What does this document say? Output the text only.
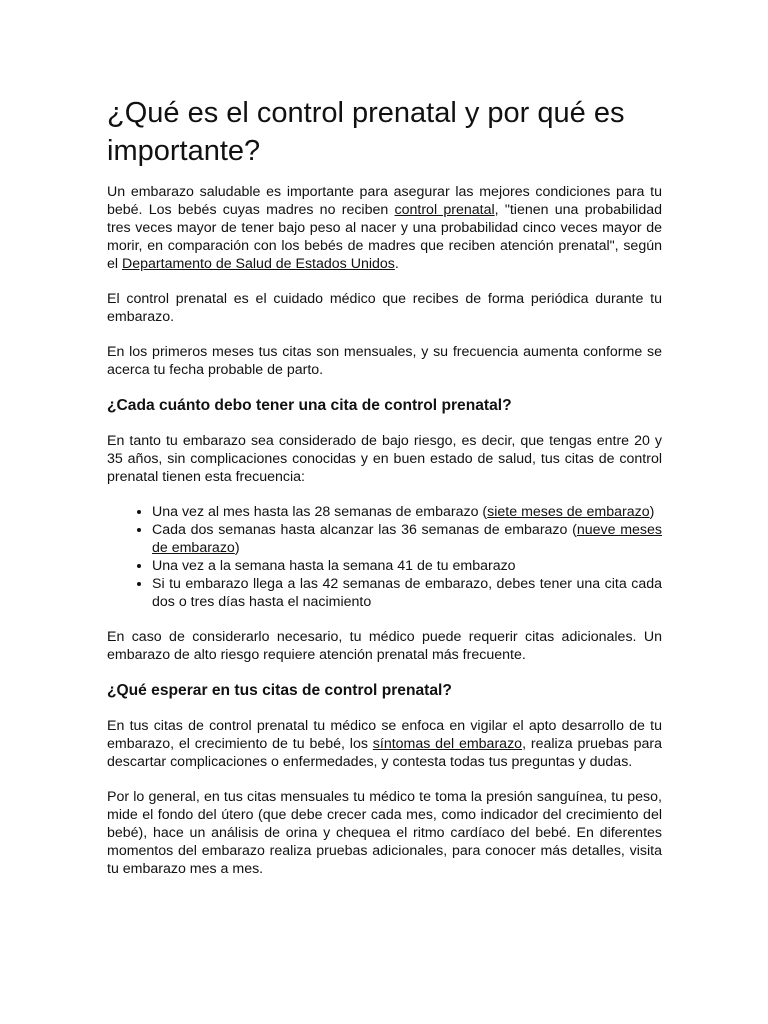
¿Qué es el control prenatal y por qué es importante?

Un embarazo saludable es importante para asegurar las mejores condiciones para tu bebé. Los bebés cuyas madres no reciben control prenatal, "tienen una probabilidad tres veces mayor de tener bajo peso al nacer y una probabilidad cinco veces mayor de morir, en comparación con los bebés de madres que reciben atención prenatal", según el Departamento de Salud de Estados Unidos.

El control prenatal es el cuidado médico que recibes de forma periódica durante tu embarazo.

En los primeros meses tus citas son mensuales, y su frecuencia aumenta conforme se acerca tu fecha probable de parto.

¿Cada cuánto debo tener una cita de control prenatal?

En tanto tu embarazo sea considerado de bajo riesgo, es decir, que tengas entre 20 y 35 años, sin complicaciones conocidas y en buen estado de salud, tus citas de control prenatal tienen esta frecuencia:

• Una vez al mes hasta las 28 semanas de embarazo (siete meses de embarazo)
• Cada dos semanas hasta alcanzar las 36 semanas de embarazo (nueve meses de embarazo)
• Una vez a la semana hasta la semana 41 de tu embarazo
• Si tu embarazo llega a las 42 semanas de embarazo, debes tener una cita cada dos o tres días hasta el nacimiento

En caso de considerarlo necesario, tu médico puede requerir citas adicionales. Un embarazo de alto riesgo requiere atención prenatal más frecuente.

¿Qué esperar en tus citas de control prenatal?

En tus citas de control prenatal tu médico se enfoca en vigilar el apto desarrollo de tu embarazo, el crecimiento de tu bebé, los síntomas del embarazo, realiza pruebas para descartar complicaciones o enfermedades, y contesta todas tus preguntas y dudas.

Por lo general, en tus citas mensuales tu médico te toma la presión sanguínea, tu peso, mide el fondo del útero (que debe crecer cada mes, como indicador del crecimiento del bebé), hace un análisis de orina y chequea el ritmo cardíaco del bebé. En diferentes momentos del embarazo realiza pruebas adicionales, para conocer más detalles, visita tu embarazo mes a mes.
